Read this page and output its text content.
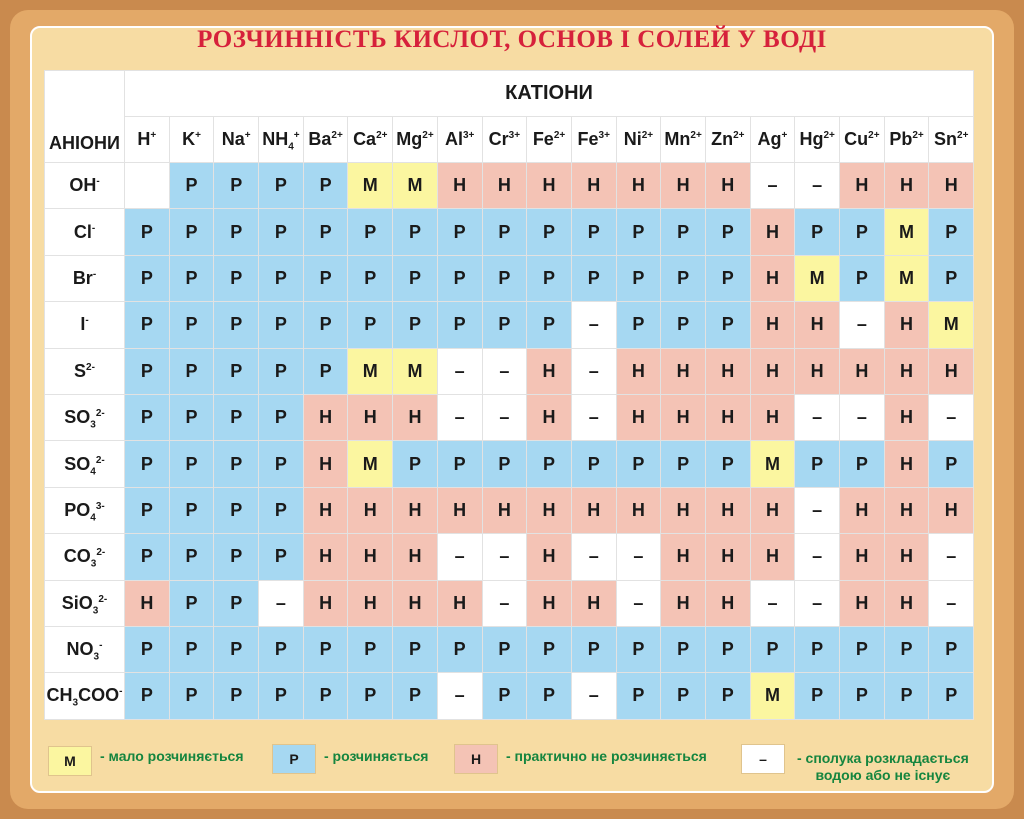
РОЗЧИННІСТЬ КИСЛОТ, ОСНОВ І СОЛЕЙ У ВОДІ
АНІОНИ	КАТІОНИ																		
	H+	K+	Na+	$NH_4^+$	$Ba^{2+}$	$Ca^{2+}$	$Mg^{2+}$	$Al^{3+}$	$Cr^{3+}$	$Fe^{2+}$	$Fe^{3+}$	$Ni^{2+}$	$Mn^{2+}$	$Zn^{2+}$	Ag+	$Hg^{2+}$	$Cu^{2+}$	$Pb^{2+}$	$Sn^{2+}$
OH-		Р	Р	Р	Р	М	М	Н	Н	Н	Н	Н	Н	Н	–	–	Н	Н	Н
Cl-	Р	Р	Р	Р	Р	Р	Р	Р	Р	Р	Р	Р	Р	Р	Н	Р	Р	М	Р
Br-	Р	Р	Р	Р	Р	Р	Р	Р	Р	Р	Р	Р	Р	Р	Н	М	Р	М	Р
I-	Р	Р	Р	Р	Р	Р	Р	Р	Р	Р	–	Р	Р	Р	Н	Н	–	Н	М
$S^{2-}$	Р	Р	Р	Р	Р	М	М	–	–	Н	–	Н	Н	Н	Н	Н	Н	Н	Н
$SO_3^{2-}$	Р	Р	Р	Р	Н	Н	Н	–	–	Н	–	Н	Н	Н	Н	–	–	Н	–
$SO_4^{2-}$	Р	Р	Р	Р	Н	М	Р	Р	Р	Р	Р	Р	Р	Р	М	Р	Р	Н	Р
$PO_4^{3-}$	Р	Р	Р	Р	Н	Н	Н	Н	Н	Н	Н	Н	Н	Н	Н	–	Н	Н	Н
$CO_3^{2-}$	Р	Р	Р	Р	Н	Н	Н	–	–	Н	–	–	Н	Н	Н	–	Н	Н	–
SiO$_3^{2-}$	Н	Р	Р	–	Н	Н	Н	Н	–	Н	Н	–	Н	Н	–	–	Н	Н	–
$NO_3^-$	Р	Р	Р	Р	Р	Р	Р	Р	Р	Р	Р	Р	Р	Р	Р	Р	Р	Р	Р
$CH_3COO^-$	Р	Р	Р	Р	Р	Р	Р	–	Р	Р	–	Р	Р	Р	М	Р	Р	Р	Р
М	- мало розчиняється	Р	- розчиняється	Н	- практично не розчиняється	–	- сполука розкладається
водою або не існує
